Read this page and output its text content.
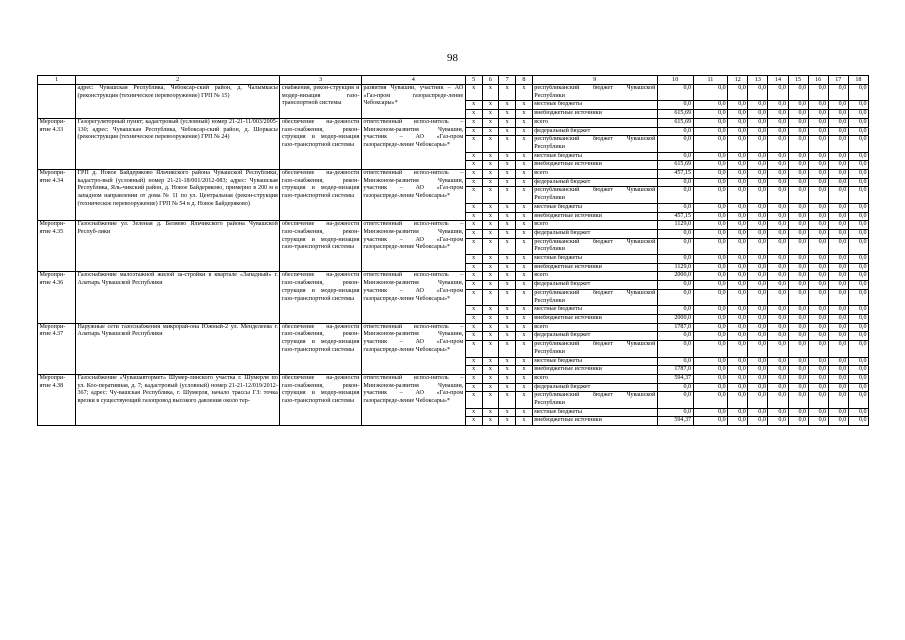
98
1	2	3	4	5	6	7	8	9	10	11	12	13	14	15	16	17	18
	адрес: Чувашская Республика, Чебоксар-ский район, д. Чалымкасы (реконструкция (техническое перевооружение) ГРП № 15)	снабжения, рекон-струкция и модер-низация газо-транспортной системы	развития Чувашии, участник – АО «Газ-пром газораспреде-ление Чебоксары»*	x	x	x	x	республиканский бюджет Чувашской Республики	0,0	0,0	0,0	0,0	0,0	0,0	0,0	0,0	0,0
				x	x	x	x	местные бюджеты	0,0	0,0	0,0	0,0	0,0	0,0	0,0	0,0	0,0
				x	x	x	x	внебюджетные источники	615,69	0,0	0,0	0,0	0,0	0,0	0,0	0,0	0,0
Меропри-ятие 4.33	Газорегуляторный пункт; кадастровый (условный) номер 21-21-11/003/2005-130; адрес: Чувашская Республика, Чебоксар-ский район, д. Шоркасы (реконструкция (техническое перевооружение) ГРП № 24)	обеспечение на-дежности газо-снабжения, рекон-струкция и модер-низация газо-транспортной системы	ответственный испол-нитель – Минэконом-развития Чувашии, участник – АО «Газ-пром газораспреде-ление Чебоксары»*	x	x	x	x	всего	615,69	0,0	0,0	0,0	0,0	0,0	0,0	0,0	0,0
				x	x	x	x	федеральный бюджет	0,0	0,0	0,0	0,0	0,0	0,0	0,0	0,0	0,0
				x	x	x	x	республиканский бюджет Чувашской Республики	0,0	0,0	0,0	0,0	0,0	0,0	0,0	0,0	0,0
				x	x	x	x	местные бюджеты	0,0	0,0	0,0	0,0	0,0	0,0	0,0	0,0	0,0
				x	x	x	x	внебюджетные источники	615,69	0,0	0,0	0,0	0,0	0,0	0,0	0,0	0,0
Меропри-ятие 4.34	ГРП д. Новое Байдеряково Яльчикского района Чувашской Республики, кадастро-вый (условный) номер 21-21-18/001/2012-083; адрес: Чувашская Республика, Яль-чикский район, д. Новое Байдеряково, примерно в 200 м в западном направлении от дома № 11 по ул. Центральная (рекон-струкция (техническое перевооружение) ГРП № 54 в д. Новое Байдеряково)	обеспечение на-дежности газо-снабжения, рекон-струкция и модер-низация газо-транспортной системы	ответственный испол-нитель – Минэконом-развития Чувашии, участник – АО «Газ-пром газораспреде-ление Чебоксары»*	x	x	x	x	всего	457,15	0,0	0,0	0,0	0,0	0,0	0,0	0,0	0,0
				x	x	x	x	федеральный бюджет	0,0	0,0	0,0	0,0	0,0	0,0	0,0	0,0	0,0
				x	x	x	x	республиканский бюджет Чувашской Республики	0,0	0,0	0,0	0,0	0,0	0,0	0,0	0,0	0,0
				x	x	x	x	местные бюджеты	0,0	0,0	0,0	0,0	0,0	0,0	0,0	0,0	0,0
				x	x	x	x	внебюджетные источники	457,15	0,0	0,0	0,0	0,0	0,0	0,0	0,0	0,0
Меропри-ятие 4.35	Газоснабжение ул. Зеленая д. Беляево Яльчикского района Чувашской Респуб-лики	обеспечение на-дежности газо-снабжения, рекон-струкция и модер-низация газо-транспортной системы	ответственный испол-нитель – Минэконом-развития Чувашии, участник – АО «Газ-пром газораспреде-ление Чебоксары»*	x	x	x	x	всего	1129,0	0,0	0,0	0,0	0,0	0,0	0,0	0,0	0,0
				x	x	x	x	федеральный бюджет	0,0	0,0	0,0	0,0	0,0	0,0	0,0	0,0	0,0
				x	x	x	x	республиканский бюджет Чувашской Республики	0,0	0,0	0,0	0,0	0,0	0,0	0,0	0,0	0,0
				x	x	x	x	местные бюджеты	0,0	0,0	0,0	0,0	0,0	0,0	0,0	0,0	0,0
				x	x	x	x	внебюджетные источники	1129,0	0,0	0,0	0,0	0,0	0,0	0,0	0,0	0,0
Меропри-ятие 4.36	Газоснабжение малоэтажной жилой за-стройки в квартале «Западный» г. Алатырь Чувашской Республики	обеспечение на-дежности газо-снабжения, рекон-струкция и модер-низация газо-транспортной системы	ответственный испол-нитель – Минэконом-развития Чувашии, участник – АО «Газ-пром газораспреде-ление Чебоксары»*	x	x	x	x	всего	2000,0	0,0	0,0	0,0	0,0	0,0	0,0	0,0	0,0
				x	x	x	x	федеральный бюджет	0,0	0,0	0,0	0,0	0,0	0,0	0,0	0,0	0,0
				x	x	x	x	республиканский бюджет Чувашской Республики	0,0	0,0	0,0	0,0	0,0	0,0	0,0	0,0	0,0
				x	x	x	x	местные бюджеты	0,0	0,0	0,0	0,0	0,0	0,0	0,0	0,0	0,0
				x	x	x	x	внебюджетные источники	2000,0	0,0	0,0	0,0	0,0	0,0	0,0	0,0	0,0
Меропри-ятие 4.37	Наружные сети газоснабжения микрорай-она Южный-2 ул. Менделеева г. Алатырь Чувашской Республики	обеспечение на-дежности газо-снабжения, рекон-струкция и модер-низация газо-транспортной системы	ответственный испол-нитель – Минэконом-развития Чувашии, участник – АО «Газ-пром газораспреде-ление Чебоксары»*	x	x	x	x	всего	1787,0	0,0	0,0	0,0	0,0	0,0	0,0	0,0	0,0
				x	x	x	x	федеральный бюджет	0,0	0,0	0,0	0,0	0,0	0,0	0,0	0,0	0,0
				x	x	x	x	республиканский бюджет Чувашской Республики	0,0	0,0	0,0	0,0	0,0	0,0	0,0	0,0	0,0
				x	x	x	x	местные бюджеты	0,0	0,0	0,0	0,0	0,0	0,0	0,0	0,0	0,0
				x	x	x	x	внебюджетные источники	1787,0	0,0	0,0	0,0	0,0	0,0	0,0	0,0	0,0
Меропри-ятие 4.38	Газоснабжение «Чувашавтормет» Шумер-линского участка г. Шумерля по ул. Коо-перативная, д. 7; кадастровый (условный) номер 21-21-12/019/2012-367; адрес: Чу-вашская Республика, г. Шумерля, начало трассы ГЗ: точка врезки в существующий газопровод высокого давления около тер-	обеспечение на-дежности газо-снабжения, рекон-струкция и модер-низация газо-транспортной системы	ответственный испол-нитель – Минэконом-развития Чувашии, участник – АО «Газ-пром газораспреде-ление Чебоксары»*	x	x	x	x	всего	594,37	0,0	0,0	0,0	0,0	0,0	0,0	0,0	0,0
				x	x	x	x	федеральный бюджет	0,0	0,0	0,0	0,0	0,0	0,0	0,0	0,0	0,0
				x	x	x	x	республиканский бюджет Чувашской Республики	0,0	0,0	0,0	0,0	0,0	0,0	0,0	0,0	0,0
				x	x	x	x	местные бюджеты	0,0	0,0	0,0	0,0	0,0	0,0	0,0	0,0	0,0
				x	x	x	x	внебюджетные источники	594,37	0,0	0,0	0,0	0,0	0,0	0,0	0,0	0,0
